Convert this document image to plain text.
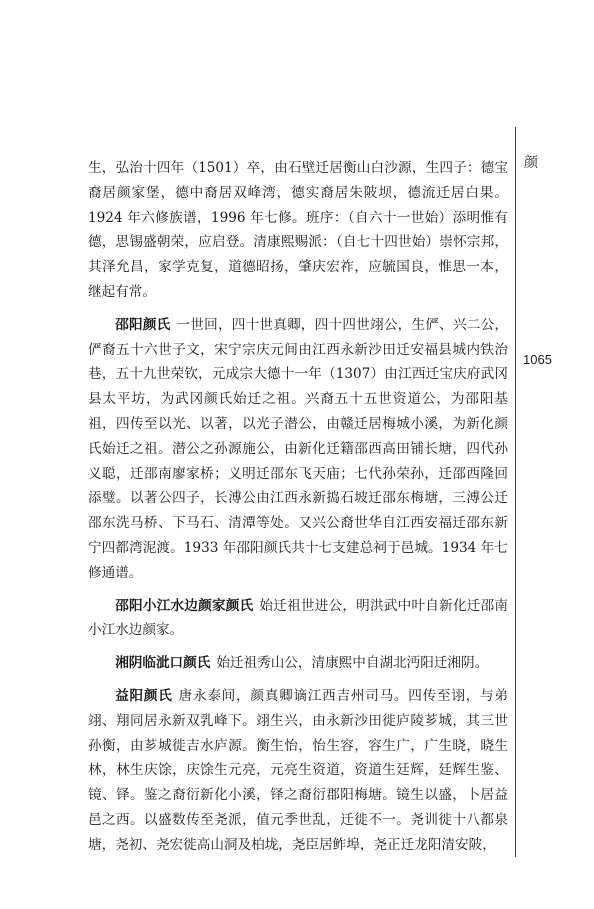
颜
1065

生，弘治十四年（1501）卒，由石壁迁居衡山白沙源，生四子：德宝裔居颜家堡，德中裔居双峰湾，德实裔居朱陂坝，德流迁居白果。1924 年六修族谱，1996 年七修。班序：（自六十一世始）添明惟有德，思锡盛朝荣，应启登。清康熙赐派：（自七十四世始）崇怀宗邦，其泽允昌，家学克复，道德昭扬，肇庆宏祚，应毓国良，惟思一本，继起有常。

邵阳颜氏 一世回，四十世真卿，四十四世翊公，生俨、兴二公，俨裔五十六世子文，宋宁宗庆元间由江西永新沙田迁安福县城内铁治巷，五十九世荣钦，元成宗大德十一年（1307）由江西迁宝庆府武冈县太平坊，为武冈颜氏始迁之祖。兴裔五十五世资道公，为邵阳基祖，四传至以光、以著，以光子潜公，由赣迁居梅城小溪，为新化颜氏始迁之祖。潜公之孙源施公，由新化迁籍邵西高田铺长塘，四代孙义聪，迁邵南廖家桥；义明迁邵东飞天庙；七代孙荣孙，迁邵西隆回添璧。以著公四子，长溥公由江西永新捣石坡迁邵东梅塘，三溥公迁邵东洗马桥、下马石、清潭等处。又兴公裔世华自江西安福迁邵东新宁四都湾泥渡。1933 年邵阳颜氏共十七支建总祠于邑城。1934 年七修通谱。

邵阳小江水边颜家颜氏 始迁祖世进公，明洪武中叶自新化迁邵南小江水边颜家。

湘阴临泚口颜氏 始迁祖秀山公，清康熙中自湖北沔阳迁湘阴。

益阳颜氏 唐永泰间，颜真卿谪江西吉州司马。四传至诩，与弟翊、翔同居永新双乳峰下。翊生兴，由永新沙田徙庐陵芗城，其三世孙衡，由芗城徙吉水庐源。衡生怡，怡生容，容生广，广生晓，晓生林，林生庆馀，庆馀生元亮，元亮生资道，资道生廷辉，廷辉生鉴、镜、铎。鉴之裔衍新化小溪，铎之裔衍郡阳梅塘。镜生以盛，卜居益邑之西。以盛数传至尧派，值元季世乱，迁徙不一。尧训徙十八都泉塘，尧初、尧宏徙高山洞及柏垅，尧臣居鲊埠，尧正迁龙阳清安陂，
